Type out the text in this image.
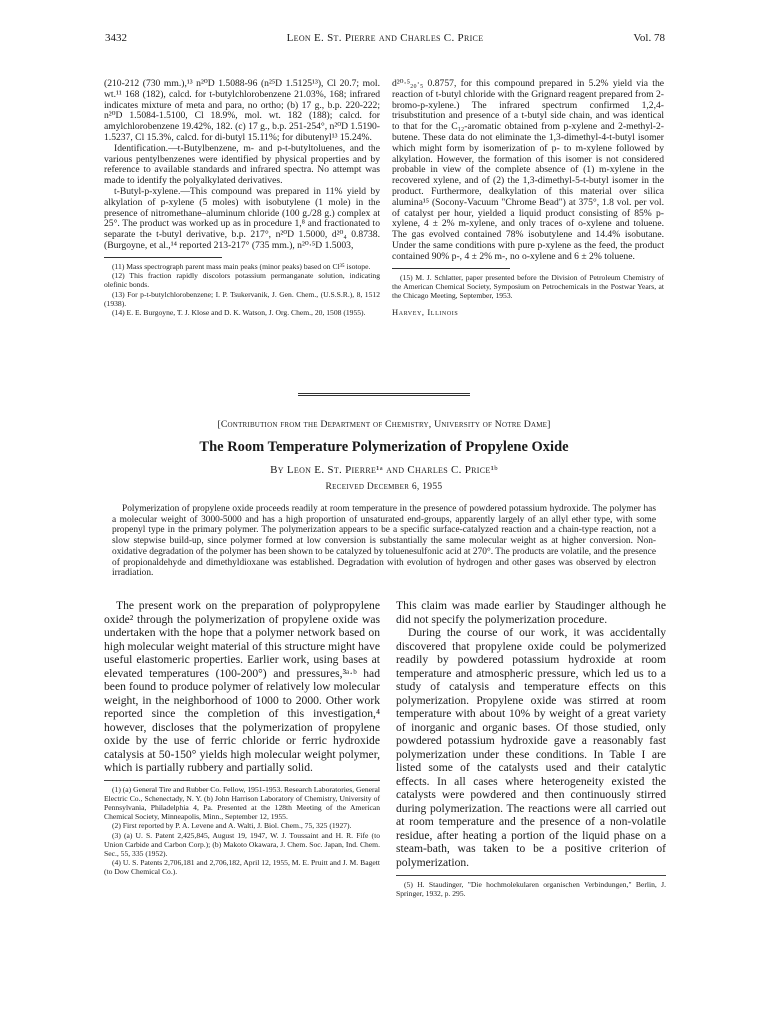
3432	Leon E. St. Pierre and Charles C. Price	Vol. 78

(210-212 (730 mm.),¹³ n²⁰D 1.5088-96 (n²⁵D 1.5125¹³), Cl 20.7; mol. wt.¹¹ 168 (182), calcd. for t-butylchlorobenzene 21.03%, 168; infrared indicates mixture of meta and para, no ortho; (b) 17 g., b.p. 220-222; n²⁰D 1.5084-1.5100, Cl 18.9%, mol. wt. 182 (188); calcd. for amylchlorobenzene 19.42%, 182. (c) 17 g., b.p. 251-254°, n²⁰D 1.5190-1.5237, Cl 15.3%, calcd. for di-butyl 15.11%; for dibutenyl¹³ 15.24%.

Identification.—t-Butylbenzene, m- and p-t-butyltoluenes, and the various pentylbenzenes were identified by physical properties and by reference to available standards and infrared spectra. No attempt was made to identify the polyalkylated derivatives.

t-Butyl-p-xylene.—This compound was prepared in 11% yield by alkylation of p-xylene (5 moles) with isobutylene (1 mole) in the presence of nitromethane–aluminum chloride (100 g./28 g.) complex at 25°. The product was worked up as in procedure 1,⁸ and fractionated to separate the t-butyl derivative, b.p. 217°, n²⁰D 1.5000, d²⁰₄ 0.8738. (Burgoyne, et al.,¹⁴ reported 213-217° (735 mm.), n²⁰·⁵D 1.5003,

(11) Mass spectrograph parent mass main peaks (minor peaks) based on Cl³⁵ isotope.

(12) This fraction rapidly discolors potassium permanganate solution, indicating olefinic bonds.

(13) For p-t-butylchlorobenzene; I. P. Tsukervanik, J. Gen. Chem., (U.S.S.R.), 8, 1512 (1938).

(14) E. E. Burgoyne, T. J. Klose and D. K. Watson, J. Org. Chem., 20, 1508 (1955).

d²⁰·⁵₂₀·₅ 0.8757, for this compound prepared in 5.2% yield via the reaction of t-butyl chloride with the Grignard reagent prepared from 2-bromo-p-xylene.) The infrared spectrum confirmed 1,2,4-trisubstitution and presence of a t-butyl side chain, and was identical to that for the C₁₂-aromatic obtained from p-xylene and 2-methyl-2-butene. These data do not eliminate the 1,3-dimethyl-4-t-butyl isomer which might form by isomerization of p- to m-xylene followed by alkylation. However, the formation of this isomer is not considered probable in view of the complete absence of (1) m-xylene in the recovered xylene, and of (2) the 1,3-dimethyl-5-t-butyl isomer in the product. Furthermore, dealkylation of this material over silica alumina¹⁵ (Socony-Vacuum "Chrome Bead") at 375°, 1.8 vol. per vol. of catalyst per hour, yielded a liquid product consisting of 85% p-xylene, 4 ± 2% m-xylene, and only traces of o-xylene and toluene. The gas evolved contained 78% isobutylene and 14.4% isobutane. Under the same conditions with pure p-xylene as the feed, the product contained 90% p-, 4 ± 2% m-, no o-xylene and 6 ± 2% toluene.

(15) M. J. Schlatter, paper presented before the Division of Petroleum Chemistry of the American Chemical Society, Symposium on Petrochemicals in the Postwar Years, at the Chicago Meeting, September, 1953.

Harvey, Illinois
[Contribution from the Department of Chemistry, University of Notre Dame]
The Room Temperature Polymerization of Propylene Oxide
By Leon E. St. Pierre¹ᵃ and Charles C. Price¹ᵇ
Received December 6, 1955

Polymerization of propylene oxide proceeds readily at room temperature in the presence of powdered potassium hydroxide. The polymer has a molecular weight of 3000-5000 and has a high proportion of unsaturated end-groups, apparently largely of an allyl ether type, with some propenyl type in the primary polymer. The polymerization appears to be a specific surface-catalyzed reaction and a chain-type reaction, not a slow stepwise build-up, since polymer formed at low conversion is substantially the same molecular weight as at higher conversion. Non-oxidative degradation of the polymer has been shown to be catalyzed by toluenesulfonic acid at 270°. The products are volatile, and the presence of propionaldehyde and dimethyldioxane was established. Degradation with evolution of hydrogen and other gases was observed by electron irradiation.

The present work on the preparation of polypropylene oxide² through the polymerization of propylene oxide was undertaken with the hope that a polymer network based on high molecular weight material of this structure might have useful elastomeric properties. Earlier work, using bases at elevated temperatures (100-200°) and pressures,³ᵃ·ᵇ had been found to produce polymer of relatively low molecular weight, in the neighborhood of 1000 to 2000. Other work reported since the completion of this investigation,⁴ however, discloses that the polymerization of propylene oxide by the use of ferric chloride or ferric hydroxide catalysis at 50-150° yields high molecular weight polymer, which is partially rubbery and partially solid.

(1) (a) General Tire and Rubber Co. Fellow, 1951-1953. Research Laboratories, General Electric Co., Schenectady, N. Y. (b) John Harrison Laboratory of Chemistry, University of Pennsylvania, Philadelphia 4, Pa. Presented at the 128th Meeting of the American Chemical Society, Minneapolis, Minn., September 12, 1955.

(2) First reported by P. A. Levene and A. Walti, J. Biol. Chem., 75, 325 (1927).

(3) (a) U. S. Patent 2,425,845, August 19, 1947, W. J. Toussaint and H. R. Fife (to Union Carbide and Carbon Corp.); (b) Makoto Okawara, J. Chem. Soc. Japan, Ind. Chem. Sec., 55, 335 (1952).

(4) U. S. Patents 2,706,181 and 2,706,182, April 12, 1955, M. E. Pruitt and J. M. Bagett (to Dow Chemical Co.).

This claim was made earlier by Staudinger although he did not specify the polymerization procedure.

During the course of our work, it was accidentally discovered that propylene oxide could be polymerized readily by powdered potassium hydroxide at room temperature and atmospheric pressure, which led us to a study of catalysis and temperature effects on this polymerization. Propylene oxide was stirred at room temperature with about 10% by weight of a great variety of inorganic and organic bases. Of those studied, only powdered potassium hydroxide gave a reasonably fast polymerization under these conditions. In Table I are listed some of the catalysts used and their catalytic effects. In all cases where heterogeneity existed the catalysts were powdered and then continuously stirred during polymerization. The reactions were all carried out at room temperature and the presence of a non-volatile residue, after heating a portion of the liquid phase on a steam-bath, was taken to be a positive criterion of polymerization.

(5) H. Staudinger, "Die hochmolekularen organischen Verbindungen," Berlin, J. Springer, 1932, p. 295.
